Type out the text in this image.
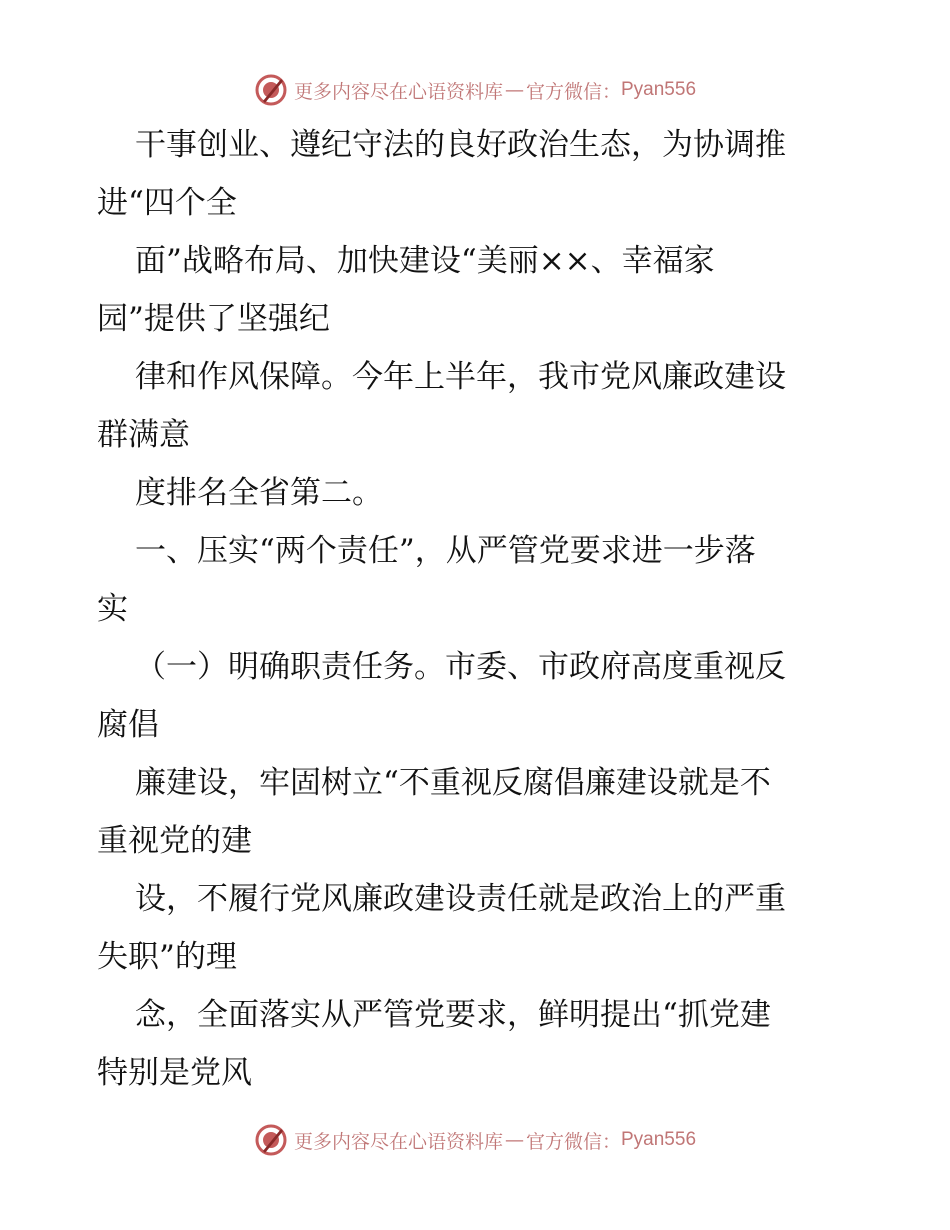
更多内容尽在心语资料库 — 官方微信： Pyan556
干事创业、遵纪守法的良好政治生态，为协调推
进“四个全
面”战略布局、加快建设“美丽××、幸福家
园”提供了坚强纪
律和作风保障。今年上半年，我市党风廉政建设
群满意
度排名全省第二。
一、压实“两个责任”，从严管党要求进一步落
实
（一）明确职责任务。市委、市政府高度重视反
腐倡
廉建设，牢固树立“不重视反腐倡廉建设就是不
重视党的建
设，不履行党风廉政建设责任就是政治上的严重
失职”的理
念，全面落实从严管党要求，鲜明提出“抓党建
特别是党风
更多内容尽在心语资料库 — 官方微信： Pyan556
